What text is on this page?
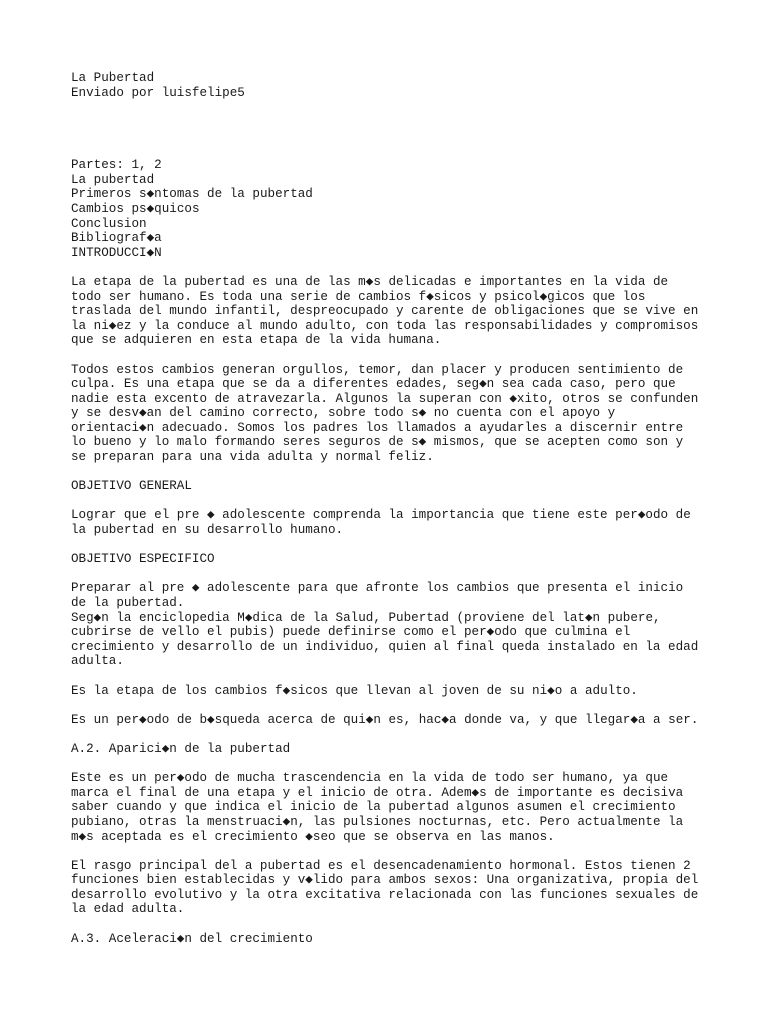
La Pubertad
Enviado por luisfelipe5
Partes: 1, 2
La pubertad
Primeros s◆ntomas de la pubertad
Cambios ps◆quicos
Conclusion
Bibliograf◆a
INTRODUCCI◆N
La etapa de la pubertad es una de las m◆s delicadas e importantes en la vida de
todo ser humano. Es toda una serie de cambios f◆sicos y psicol◆gicos que los
traslada del mundo infantil, despreocupado y carente de obligaciones que se vive en
la ni◆ez y la conduce al mundo adulto, con toda las responsabilidades y compromisos
que se adquieren en esta etapa de la vida humana.
Todos estos cambios generan orgullos, temor, dan placer y producen sentimiento de
culpa. Es una etapa que se da a diferentes edades, seg◆n sea cada caso, pero que
nadie esta excento de atravezarla. Algunos la superan con ◆xito, otros se confunden
y se desv◆an del camino correcto, sobre todo s◆ no cuenta con el apoyo y
orientaci◆n adecuado. Somos los padres los llamados a ayudarles a discernir entre
lo bueno y lo malo formando seres seguros de s◆ mismos, que se acepten como son y
se preparan para una vida adulta y normal feliz.
OBJETIVO GENERAL
Lograr que el pre ◆ adolescente comprenda la importancia que tiene este per◆odo de
la pubertad en su desarrollo humano.
OBJETIVO ESPECIFICO
Preparar al pre ◆ adolescente para que afronte los cambios que presenta el inicio
de la pubertad.
Seg◆n la enciclopedia M◆dica de la Salud, Pubertad (proviene del lat◆n pubere,
cubrirse de vello el pubis) puede definirse como el per◆odo que culmina el
crecimiento y desarrollo de un individuo, quien al final queda instalado en la edad
adulta.
Es la etapa de los cambios f◆sicos que llevan al joven de su ni◆o a adulto.
Es un per◆odo de b◆squeda acerca de qui◆n es, hac◆a donde va, y que llegar◆a a ser.
A.2. Aparici◆n de la pubertad
Este es un per◆odo de mucha trascendencia en la vida de todo ser humano, ya que
marca el final de una etapa y el inicio de otra. Adem◆s de importante es decisiva
saber cuando y que indica el inicio de la pubertad algunos asumen el crecimiento
pubiano, otras la menstruaci◆n, las pulsiones nocturnas, etc. Pero actualmente la
m◆s aceptada es el crecimiento ◆seo que se observa en las manos.
El rasgo principal del a pubertad es el desencadenamiento hormonal. Estos tienen 2
funciones bien establecidas y v◆lido para ambos sexos: Una organizativa, propia del
desarrollo evolutivo y la otra excitativa relacionada con las funciones sexuales de
la edad adulta.
A.3. Aceleraci◆n del crecimiento
